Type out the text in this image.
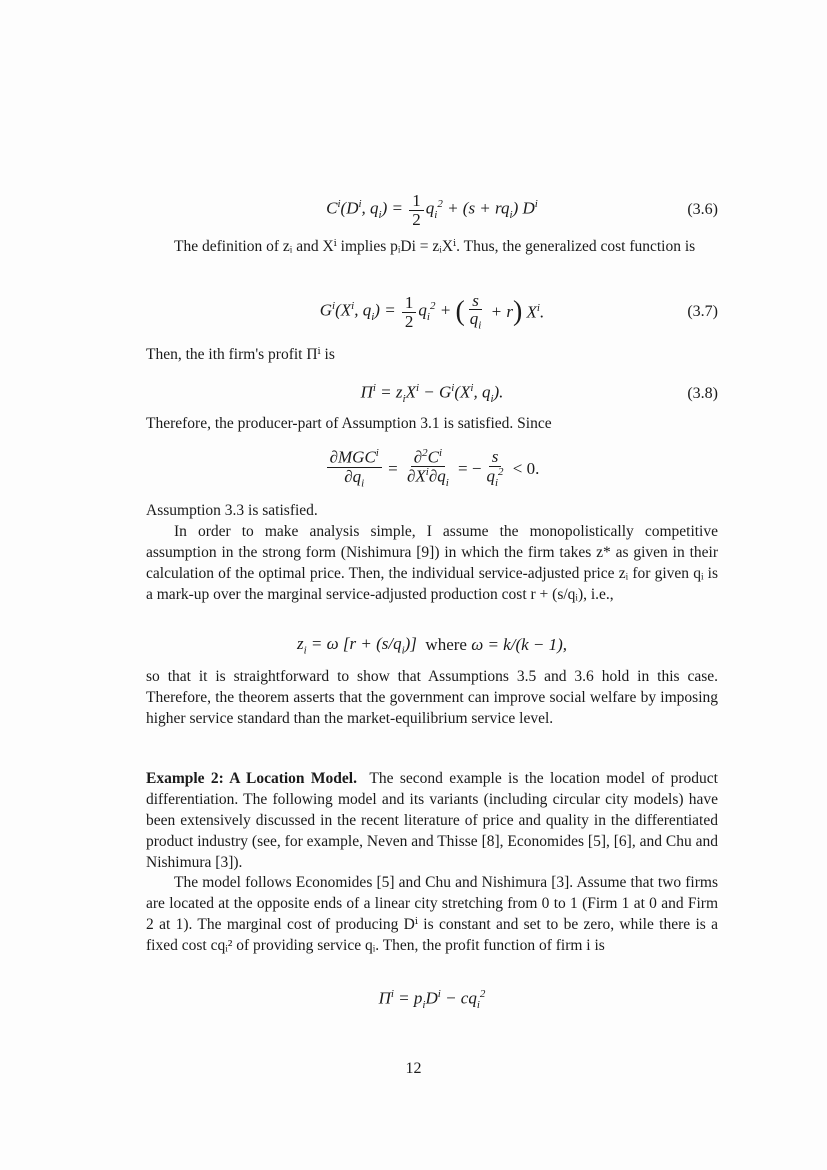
$C^i(D^i$, $q_i) = \frac{1}{2} q_i^2 + (s + rq_i)$ $D^i$	(3.6)
The definition of zᵢ and Xⁱ implies pᵢDi = zᵢXⁱ. Thus, the generalized cost function is
$G^i(X^i$, $q_i) = \frac{1}{2} q_i^2$ + ( $\frac{s}{q_i} + r$ ) $X^i$.	(3.7)
Then, the ith firm's profit Πⁱ is
$\Pi^i = z_iX^i - G^i(X^i$, $q_i$).	(3.8)
Therefore, the producer-part of Assumption 3.1 is satisfied. Since
$\frac{\partial MGC^i}{\partial q_i} = \frac{\partial^2C^i}{\partial X^i\partial q_i}$ = − $\frac{s}{q_i^2} < 0$.
Assumption 3.3 is satisfied.
In order to make analysis simple, I assume the monopolistically competitive assumption in the strong form (Nishimura [9]) in which the firm takes z* as given in their calculation of the optimal price. Then, the individual service-adjusted price zᵢ for given qᵢ is a mark-up over the marginal service-adjusted production cost r + (s/qᵢ), i.e.,
$z_i = \omega$ $[r + (s/q_i)]$ where ω = k/(k − 1),
so that it is straightforward to show that Assumptions 3.5 and 3.6 hold in this case. Therefore, the theorem asserts that the government can improve social welfare by imposing higher service standard than the market-equilibrium service level.
Example 2: A Location Model. The second example is the location model of product differentiation. The following model and its variants (including circular city models) have been extensively discussed in the recent literature of price and quality in the differentiated product industry (see, for example, Neven and Thisse [8], Economides [5], [6], and Chu and Nishimura [3]).
The model follows Economides [5] and Chu and Nishimura [3]. Assume that two firms are located at the opposite ends of a linear city stretching from 0 to 1 (Firm 1 at 0 and Firm 2 at 1). The marginal cost of producing Dⁱ is constant and set to be zero, while there is a fixed cost cqᵢ² of providing service qᵢ. Then, the profit function of firm i is
$\Pi^i = p_iD^i - cq_i^2$
12
